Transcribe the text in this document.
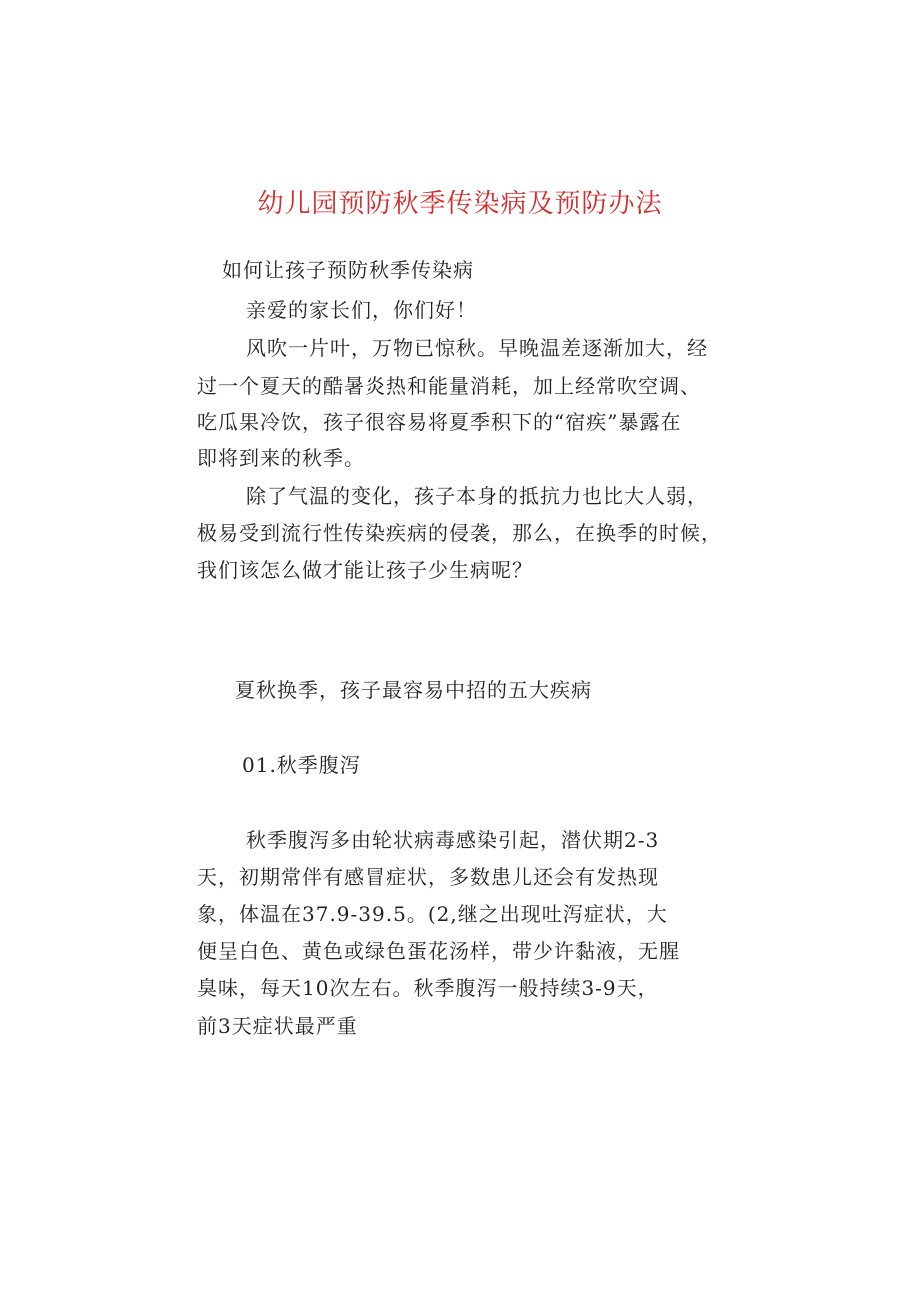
幼儿园预防秋季传染病及预防办法
如何让孩子预防秋季传染病
亲爱的家长们，你们好！
风吹一片叶，万物已惊秋。早晚温差逐渐加大，经
过一个夏天的酷暑炎热和能量消耗，加上经常吹空调、
吃瓜果冷饮，孩子很容易将夏季积下的“宿疾”暴露在
即将到来的秋季。
除了气温的变化，孩子本身的抵抗力也比大人弱，
极易受到流行性传染疾病的侵袭，那么，在换季的时候，
我们该怎么做才能让孩子少生病呢？
夏秋换季，孩子最容易中招的五大疾病
01.秋季腹泻
秋季腹泻多由轮状病毒感染引起，潜伏期2-3
天，初期常伴有感冒症状，多数患儿还会有发热现
象，体温在37.9-39.5。(2,继之出现吐泻症状，大
便呈白色、黄色或绿色蛋花汤样，带少许黏液，无腥
臭味，每天10次左右。秋季腹泻一般持续3-9天，
前3天症状最严重
